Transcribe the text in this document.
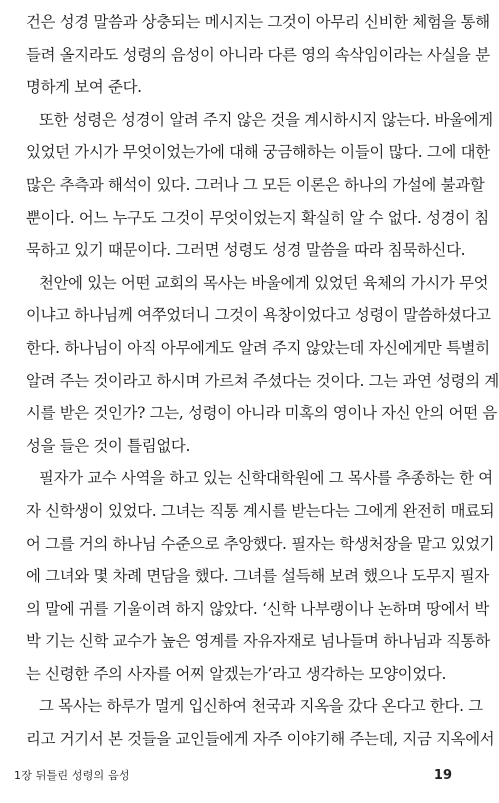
건은 성경 말씀과 상충되는 메시지는 그것이 아무리 신비한 체험을 통해
들려 올지라도 성령의 음성이 아니라 다른 영의 속삭임이라는 사실을 분
명하게 보여 준다.
또한 성령은 성경이 알려 주지 않은 것을 계시하시지 않는다. 바울에게
있었던 가시가 무엇이었는가에 대해 궁금해하는 이들이 많다. 그에 대한
많은 추측과 해석이 있다. 그러나 그 모든 이론은 하나의 가설에 불과할
뿐이다. 어느 누구도 그것이 무엇이었는지 확실히 알 수 없다. 성경이 침
묵하고 있기 때문이다. 그러면 성령도 성경 말씀을 따라 침묵하신다.
천안에 있는 어떤 교회의 목사는 바울에게 있었던 육체의 가시가 무엇
이냐고 하나님께 여쭈었더니 그것이 욕창이었다고 성령이 말씀하셨다고
한다. 하나님이 아직 아무에게도 알려 주지 않았는데 자신에게만 특별히
알려 주는 것이라고 하시며 가르쳐 주셨다는 것이다. 그는 과연 성령의 계
시를 받은 것인가? 그는, 성령이 아니라 미혹의 영이나 자신 안의 어떤 음
성을 들은 것이 틀림없다.
필자가 교수 사역을 하고 있는 신학대학원에 그 목사를 추종하는 한 여
자 신학생이 있었다. 그녀는 직통 계시를 받는다는 그에게 완전히 매료되
어 그를 거의 하나님 수준으로 추앙했다. 필자는 학생처장을 맡고 있었기
에 그녀와 몇 차례 면담을 했다. 그녀를 설득해 보려 했으나 도무지 필자
의 말에 귀를 기울이려 하지 않았다. ‘신학 나부랭이나 논하며 땅에서 박
박 기는 신학 교수가 높은 영계를 자유자재로 넘나들며 하나님과 직통하
는 신령한 주의 사자를 어찌 알겠는가’라고 생각하는 모양이었다.
그 목사는 하루가 멀게 입신하여 천국과 지옥을 갔다 온다고 한다. 그
리고 거기서 본 것들을 교인들에게 자주 이야기해 주는데, 지금 지옥에서
1장 뒤틀린 성령의 음성	19
